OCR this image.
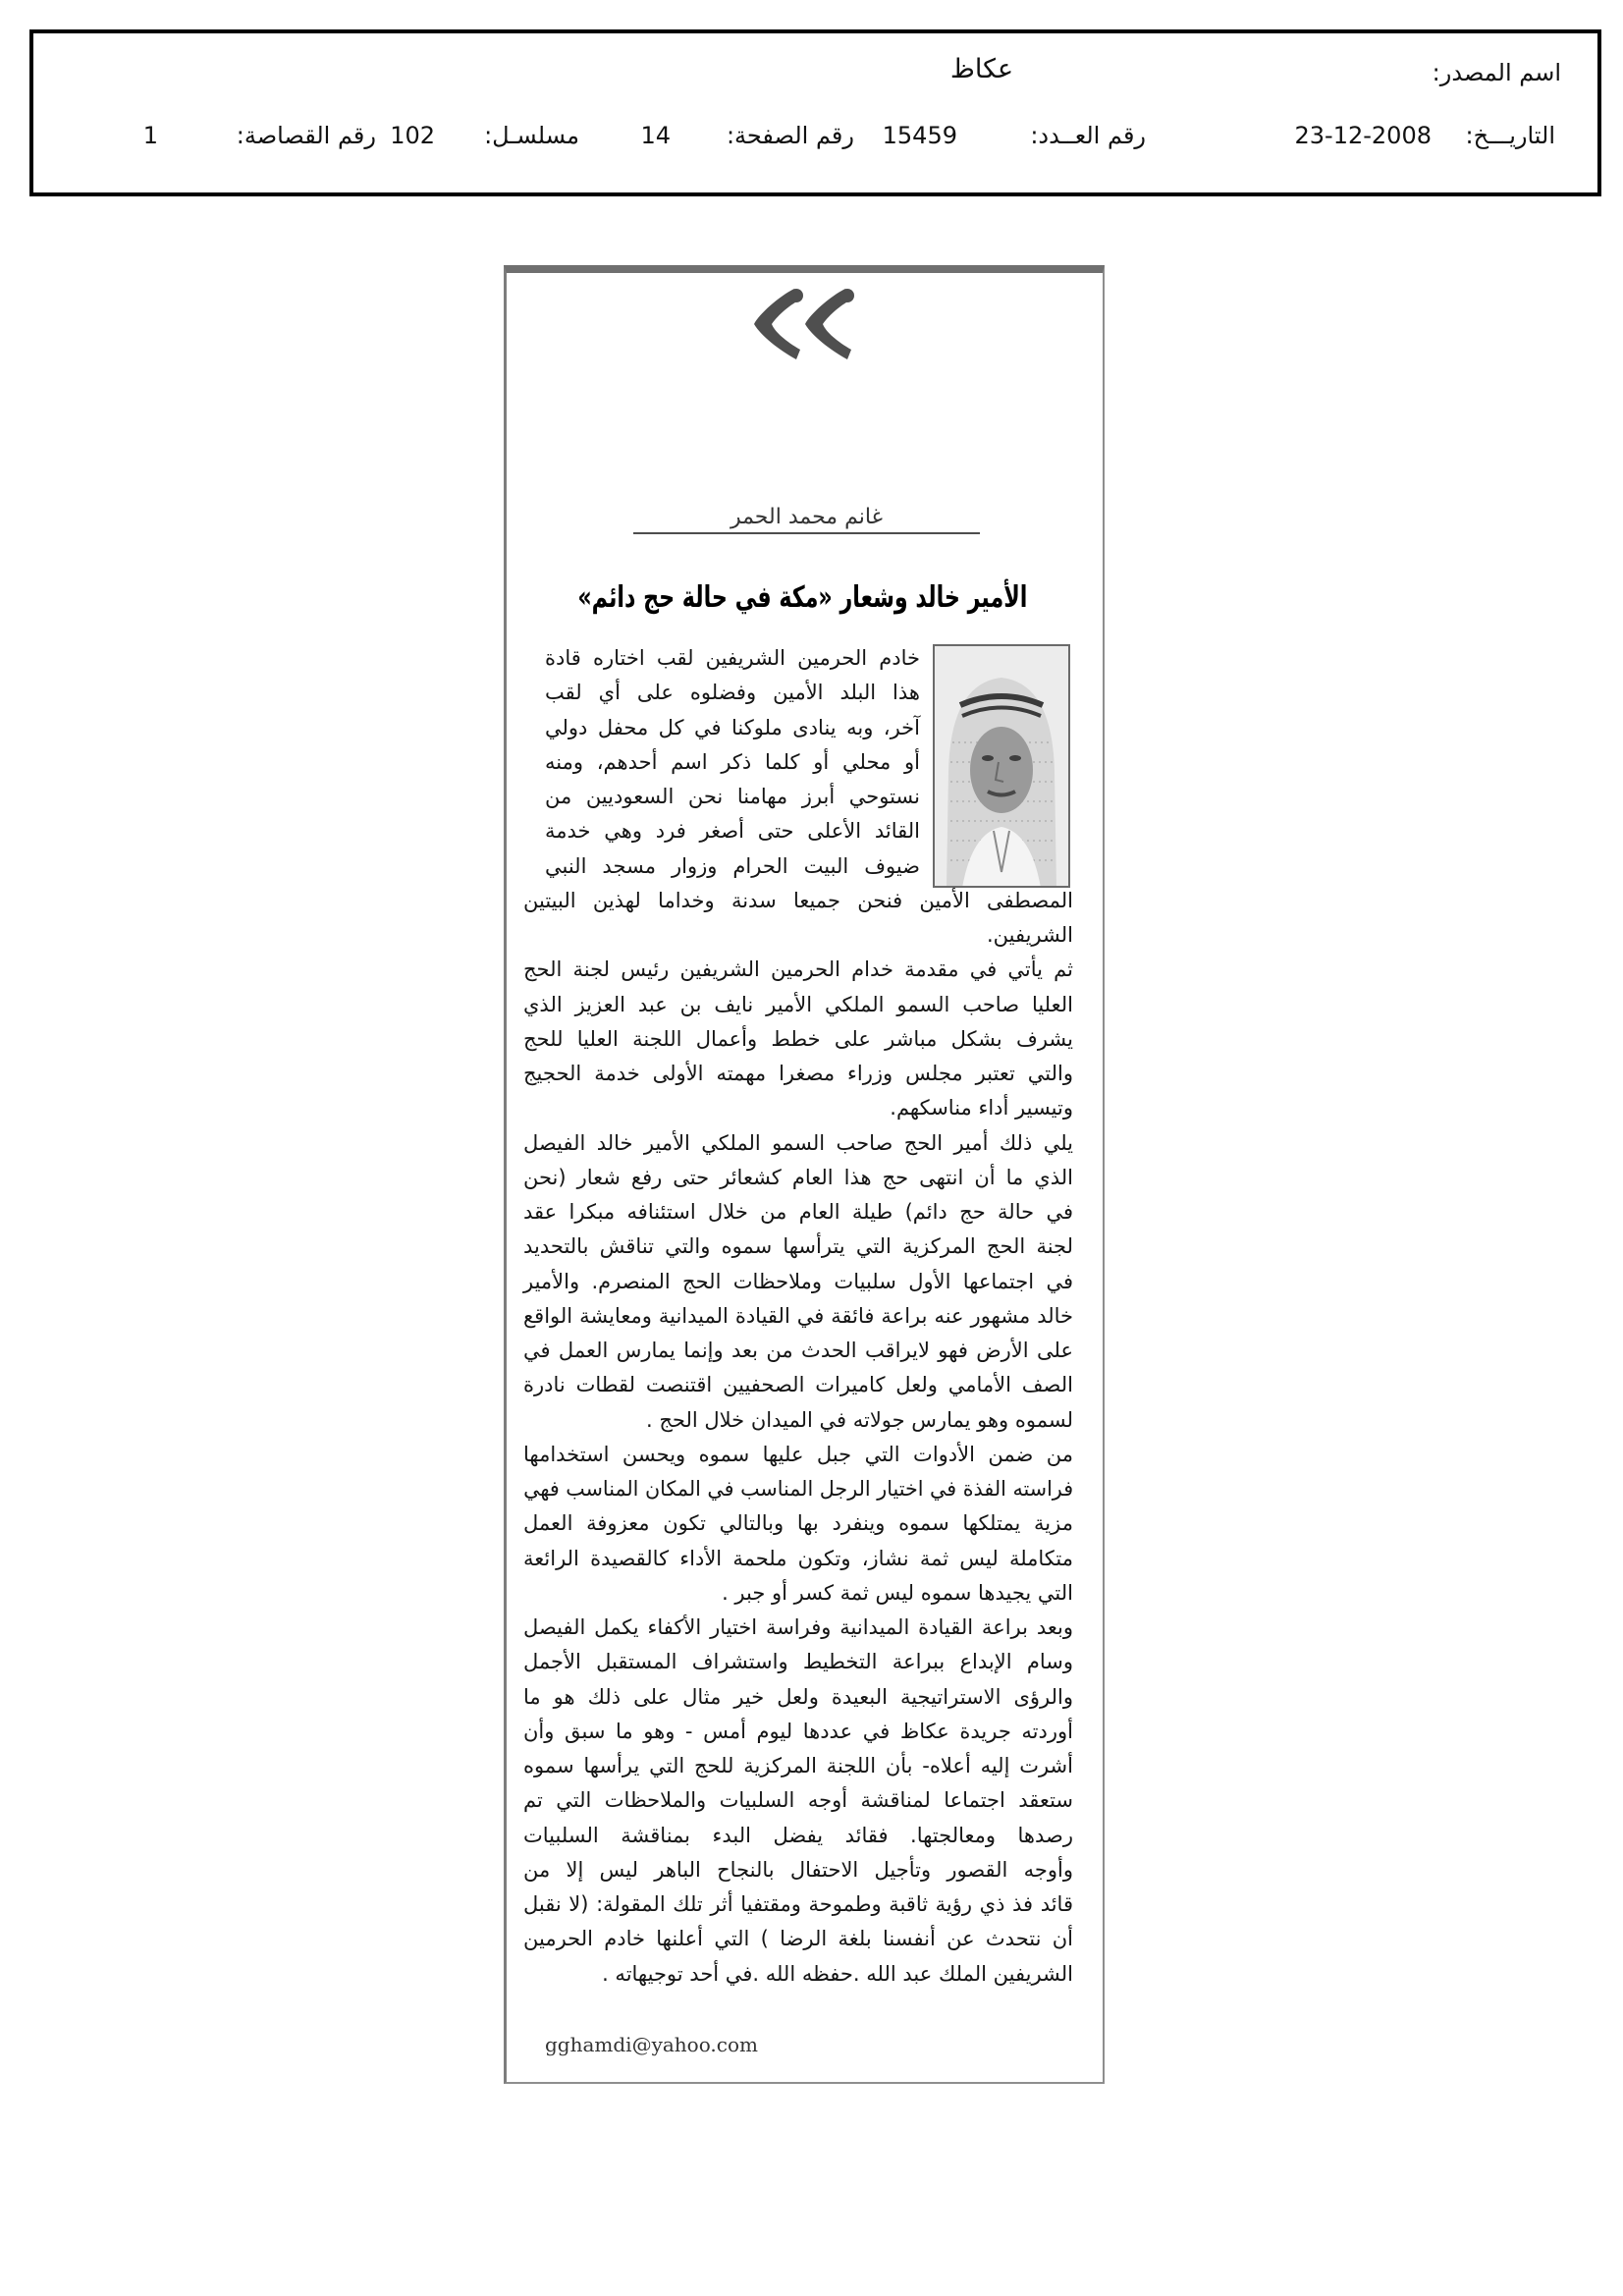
اسم المصدر:
عكاظ
التاريـــخ:
23-12-2008
رقم العــدد:
15459
رقم الصفحة:
14
مسلسـل:
102
رقم القصاصة:
1
غانم محمد الحمر
الأمير خالد وشعار «مكة في حالة حج دائم»
خادم الحرمين الشريفين لقب اختاره قادة
هذا البلد الأمين وفضلوه على أي لقب
آخر، وبه ينادى ملوكنا في كل محفل دولي
أو محلي أو كلما ذكر اسم أحدهم، ومنه
نستوحي أبرز مهامنا نحن السعوديين من
القائد الأعلى حتى أصغر فرد وهي خدمة
ضيوف البيت الحرام وزوار مسجد النبي
المصطفى الأمين فنحن جميعا سدنة وخداما لهذين البيتين
الشريفين.
ثم يأتي في مقدمة خدام الحرمين الشريفين رئيس لجنة الحج
العليا صاحب السمو الملكي الأمير نايف بن عبد العزيز الذي
يشرف بشكل مباشر على خطط وأعمال اللجنة العليا للحج
والتي تعتبر مجلس وزراء مصغرا مهمته الأولى خدمة الحجيج
وتيسير أداء مناسكهم.
يلي ذلك أمير الحج صاحب السمو الملكي الأمير خالد الفيصل
الذي ما أن انتهى حج هذا العام كشعائر حتى رفع شعار (نحن
في حالة حج دائم) طيلة العام من خلال استئنافه مبكرا عقد
لجنة الحج المركزية التي يترأسها سموه والتي تناقش بالتحديد
في اجتماعها الأول سلبيات وملاحظات الحج المنصرم. والأمير
خالد مشهور عنه براعة فائقة في القيادة الميدانية ومعايشة الواقع
على الأرض فهو لايراقب الحدث من بعد وإنما يمارس العمل في
الصف الأمامي ولعل كاميرات الصحفيين اقتنصت لقطات نادرة
لسموه وهو يمارس جولاته في الميدان خلال الحج .
من ضمن الأدوات التي جبل عليها سموه ويحسن استخدامها
فراسته الفذة في اختيار الرجل المناسب في المكان المناسب فهي
مزية يمتلكها سموه وينفرد بها وبالتالي تكون معزوفة العمل
متكاملة ليس ثمة نشاز، وتكون ملحمة الأداء كالقصيدة الرائعة
التي يجيدها سموه ليس ثمة كسر أو جبر .
وبعد براعة القيادة الميدانية وفراسة اختيار الأكفاء يكمل الفيصل
وسام الإبداع ببراعة التخطيط واستشراف المستقبل الأجمل
والرؤى الاستراتيجية البعيدة ولعل خير مثال على ذلك هو ما
أوردته جريدة عكاظ في عددها ليوم أمس - وهو ما سبق وأن
أشرت إليه أعلاه- بأن اللجنة المركزية للحج التي يرأسها سموه
ستعقد اجتماعا لمناقشة أوجه السلبيات والملاحظات التي تم
رصدها ومعالجتها. فقائد يفضل البدء بمناقشة السلبيات
وأوجه القصور وتأجيل الاحتفال بالنجاح الباهر ليس إلا من
قائد فذ ذي رؤية ثاقبة وطموحة ومقتفيا أثر تلك المقولة: (لا نقبل
أن نتحدث عن أنفسنا بلغة الرضا ) التي أعلنها خادم الحرمين
الشريفين الملك عبد الله .حفظه الله .في أحد توجيهاته .
gghamdi@yahoo.com
